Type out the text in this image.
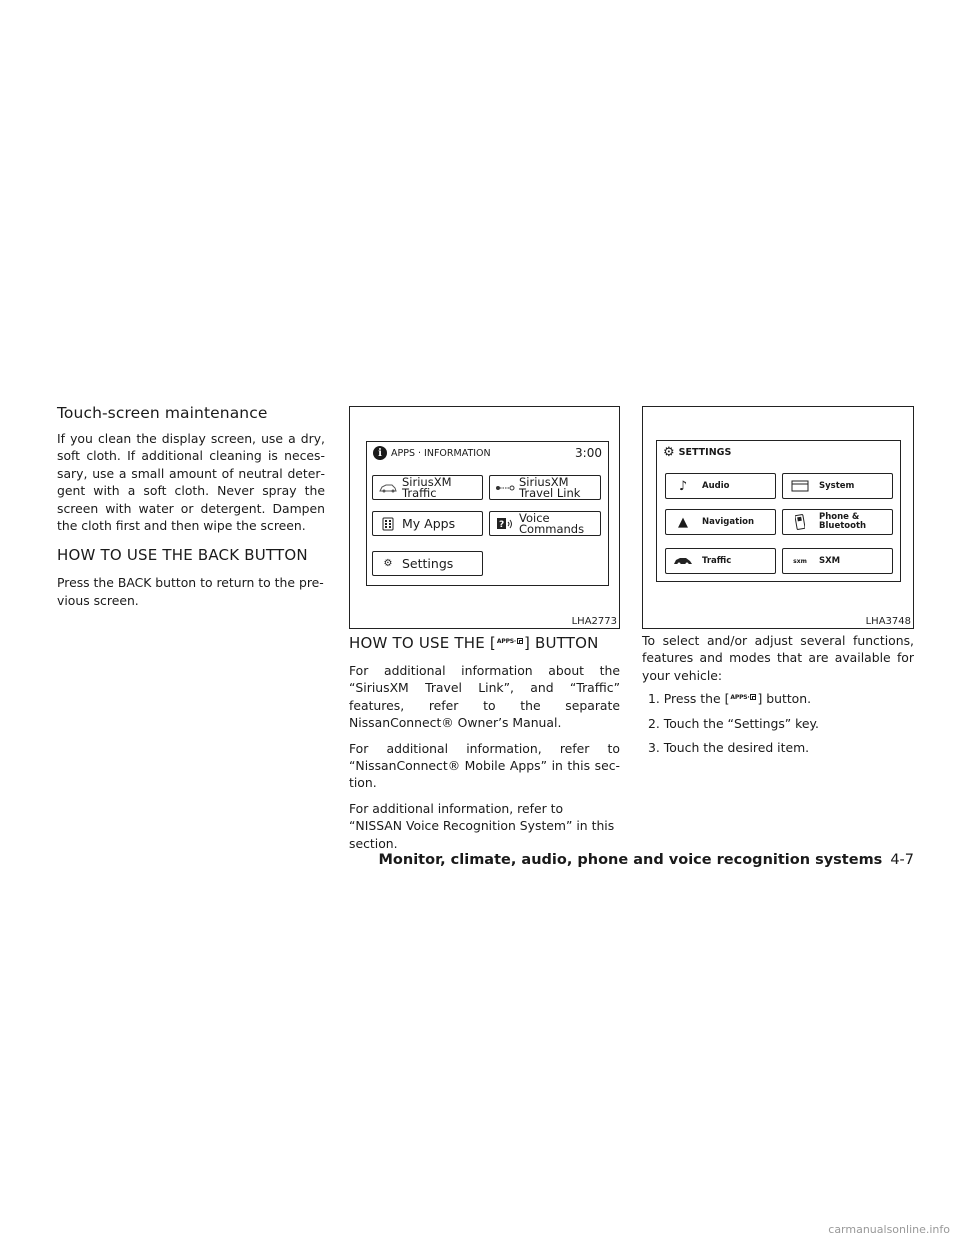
Touch-screen maintenance

If you clean the display screen, use a dry, soft cloth. If additional cleaning is necessary, use a small amount of neutral detergent with a soft cloth. Never spray the screen with water or detergent. Dampen the cloth first and then wipe the screen.

HOW TO USE THE BACK BUTTON

Press the BACK button to return to the previous screen.

i APPS · INFORMATION	3:00
SiriusXM
Traffic
SiriusXM
Travel Link
My Apps	? Voice
Commands
⚙ Settings
LHA2773
⚙ SETTINGS
♪	Audio	System
▲	Navigation	Phone &
Bluetooth
Traffic	sxm	SXM
LHA3748
HOW TO USE THE [APPS· ] BUTTON

For additional information about the “SiriusXM Travel Link”, and “Traffic” features, refer to the separate NissanConnect® Owner’s Manual.

For additional information, refer to “NissanConnect® Mobile Apps” in this section.

For additional information, refer to “NISSAN Voice Recognition System” in this section.

To select and/or adjust several functions, features and modes that are available for your vehicle:

1. Press the [APPS· ] button.
2. Touch the “Settings” key.
3. Touch the desired item.
Monitor, climate, audio, phone and voice recognition systems 4-7
carmanualsonline.info
